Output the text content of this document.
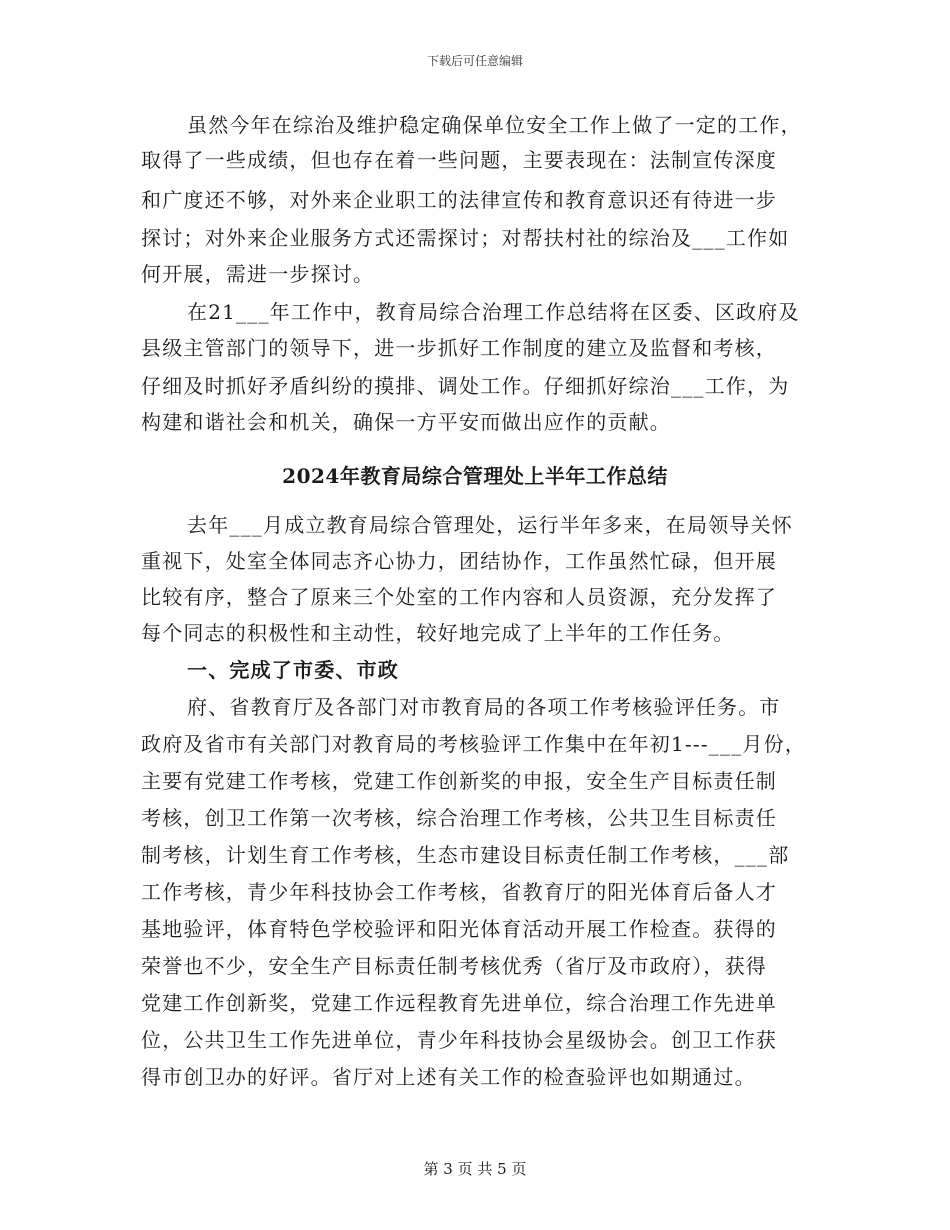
下载后可任意编辑
虽然今年在综治及维护稳定确保单位安全工作上做了一定的工作，
取得了一些成绩，但也存在着一些问题，主要表现在：法制宣传深度
和广度还不够，对外来企业职工的法律宣传和教育意识还有待进一步
探讨；对外来企业服务方式还需探讨；对帮扶村社的综治及___工作如
何开展，需进一步探讨。
在21___年工作中，教育局综合治理工作总结将在区委、区政府及
县级主管部门的领导下，进一步抓好工作制度的建立及监督和考核，
仔细及时抓好矛盾纠纷的摸排、调处工作。仔细抓好综治___工作，为
构建和谐社会和机关，确保一方平安而做出应作的贡献。
2024年教育局综合管理处上半年工作总结
去年___月成立教育局综合管理处，运行半年多来，在局领导关怀
重视下，处室全体同志齐心协力，团结协作，工作虽然忙碌，但开展
比较有序，整合了原来三个处室的工作内容和人员资源，充分发挥了
每个同志的积极性和主动性，较好地完成了上半年的工作任务。
一、完成了市委、市政
府、省教育厅及各部门对市教育局的各项工作考核验评任务。市
政府及省市有关部门对教育局的考核验评工作集中在年初1---___月份，
主要有党建工作考核，党建工作创新奖的申报，安全生产目标责任制
考核，创卫工作第一次考核，综合治理工作考核，公共卫生目标责任
制考核，计划生育工作考核，生态市建设目标责任制工作考核，___部
工作考核，青少年科技协会工作考核，省教育厅的阳光体育后备人才
基地验评，体育特色学校验评和阳光体育活动开展工作检查。获得的
荣誉也不少，安全生产目标责任制考核优秀（省厅及市政府），获得
党建工作创新奖，党建工作远程教育先进单位，综合治理工作先进单
位，公共卫生工作先进单位，青少年科技协会星级协会。创卫工作获
得市创卫办的好评。省厅对上述有关工作的检查验评也如期通过。
第 3 页 共 5 页
